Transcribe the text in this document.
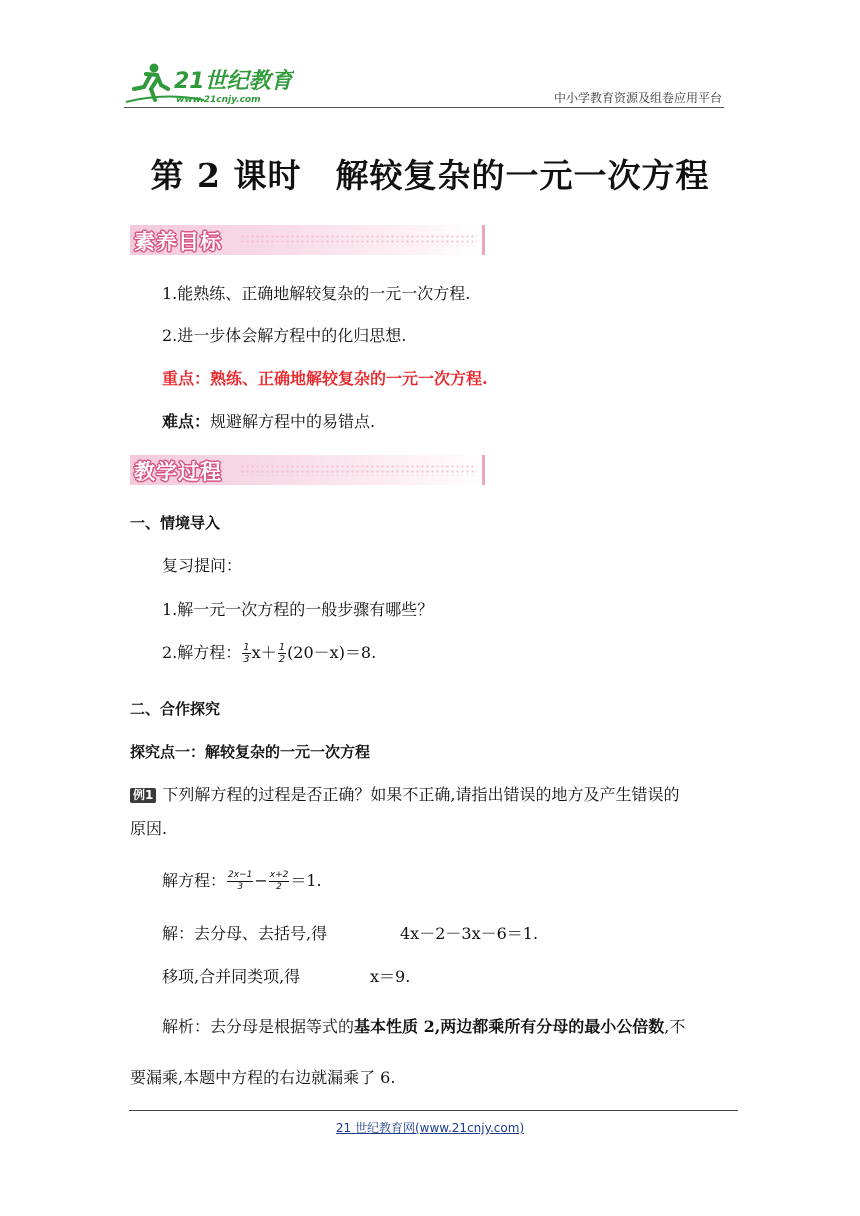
21世纪教育
www.21cnjy.com	中小学教育资源及组卷应用平台
第 2 课时　解较复杂的一元一次方程
素养目标
1.能熟练、正确地解较复杂的一元一次方程.
2.进一步体会解方程中的化归思想.
重点：熟练、正确地解较复杂的一元一次方程.
难点：规避解方程中的易错点.
教学过程
一、情境导入
复习提问：
1.解一元一次方程的一般步骤有哪些？
2.解方程： $\frac{1}{3} x+ \frac{1}{2} (20-x)=8$.
二、合作探究
探究点一：解较复杂的一元一次方程
例1 下列解方程的过程是否正确？如果不正确,请指出错误的地方及产生错误的
原因.
解方程： $\frac{2x-1}{3} - \frac{x+2}{2} =1$.
解：去分母、去括号,得	4x－2－3x－6＝1.
移项,合并同类项,得	x＝9.
解析：去分母是根据等式的基本性质 2,两边都乘所有分母的最小公倍数,不
要漏乘,本题中方程的右边就漏乘了 6.
21 世纪教育网(www.21cnjy.com)
